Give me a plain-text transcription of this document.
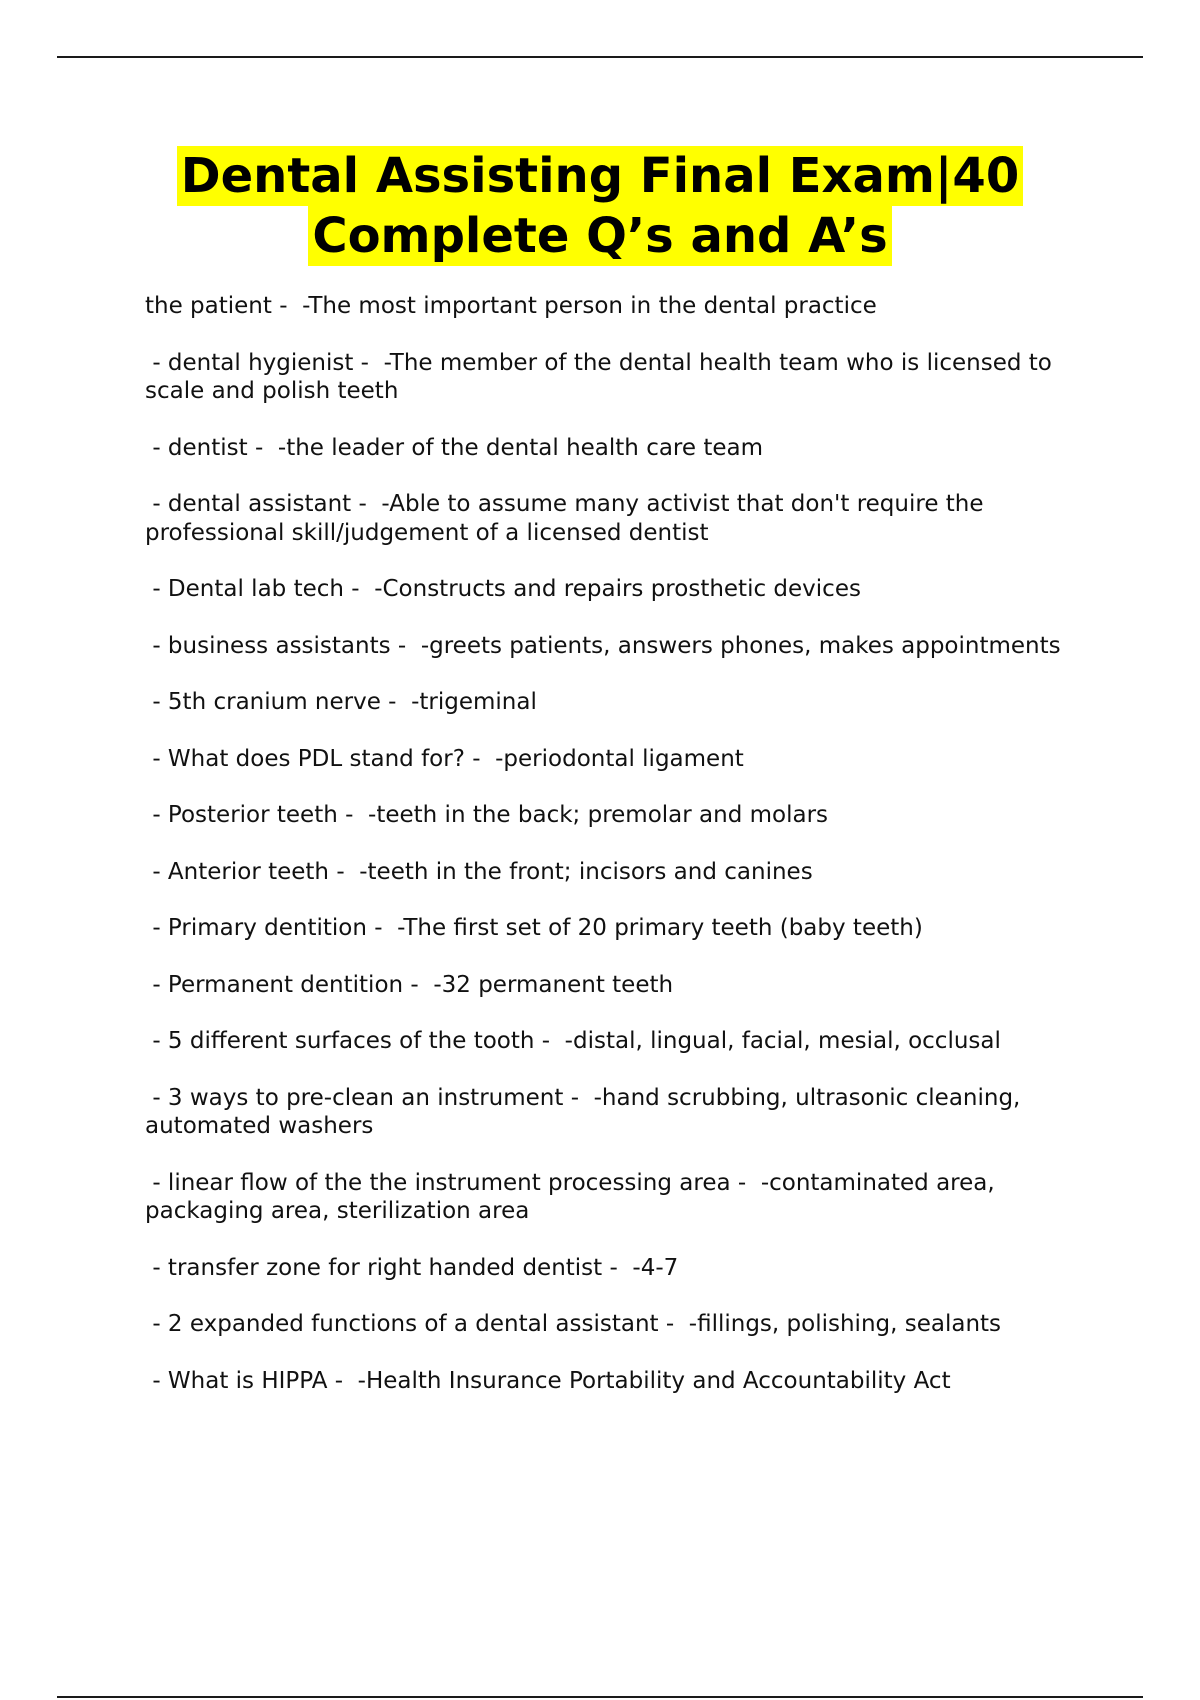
Dental Assisting Final Exam|40
Complete Q’s and A’s

the patient -  -The most important person in the dental practice

- dental hygienist -  -The member of the dental health team who is licensed to scale and polish teeth

- dentist -  -the leader of the dental health care team

- dental assistant -  -Able to assume many activist that don't require the professional skill/judgement of a licensed dentist

- Dental lab tech -  -Constructs and repairs prosthetic devices

- business assistants -  -greets patients, answers phones, makes appointments

- 5th cranium nerve -  -trigeminal

- What does PDL stand for? -  -periodontal ligament

- Posterior teeth -  -teeth in the back; premolar and molars

- Anterior teeth -  -teeth in the front; incisors and canines

- Primary dentition -  -The first set of 20 primary teeth (baby teeth)

- Permanent dentition -  -32 permanent teeth

- 5 different surfaces of the tooth -  -distal, lingual, facial, mesial, occlusal

- 3 ways to pre-clean an instrument -  -hand scrubbing, ultrasonic cleaning, automated washers

- linear flow of the the instrument processing area -  -contaminated area, packaging area, sterilization area

- transfer zone for right handed dentist -  -4-7

- 2 expanded functions of a dental assistant -  -fillings, polishing, sealants

- What is HIPPA -  -Health Insurance Portability and Accountability Act
